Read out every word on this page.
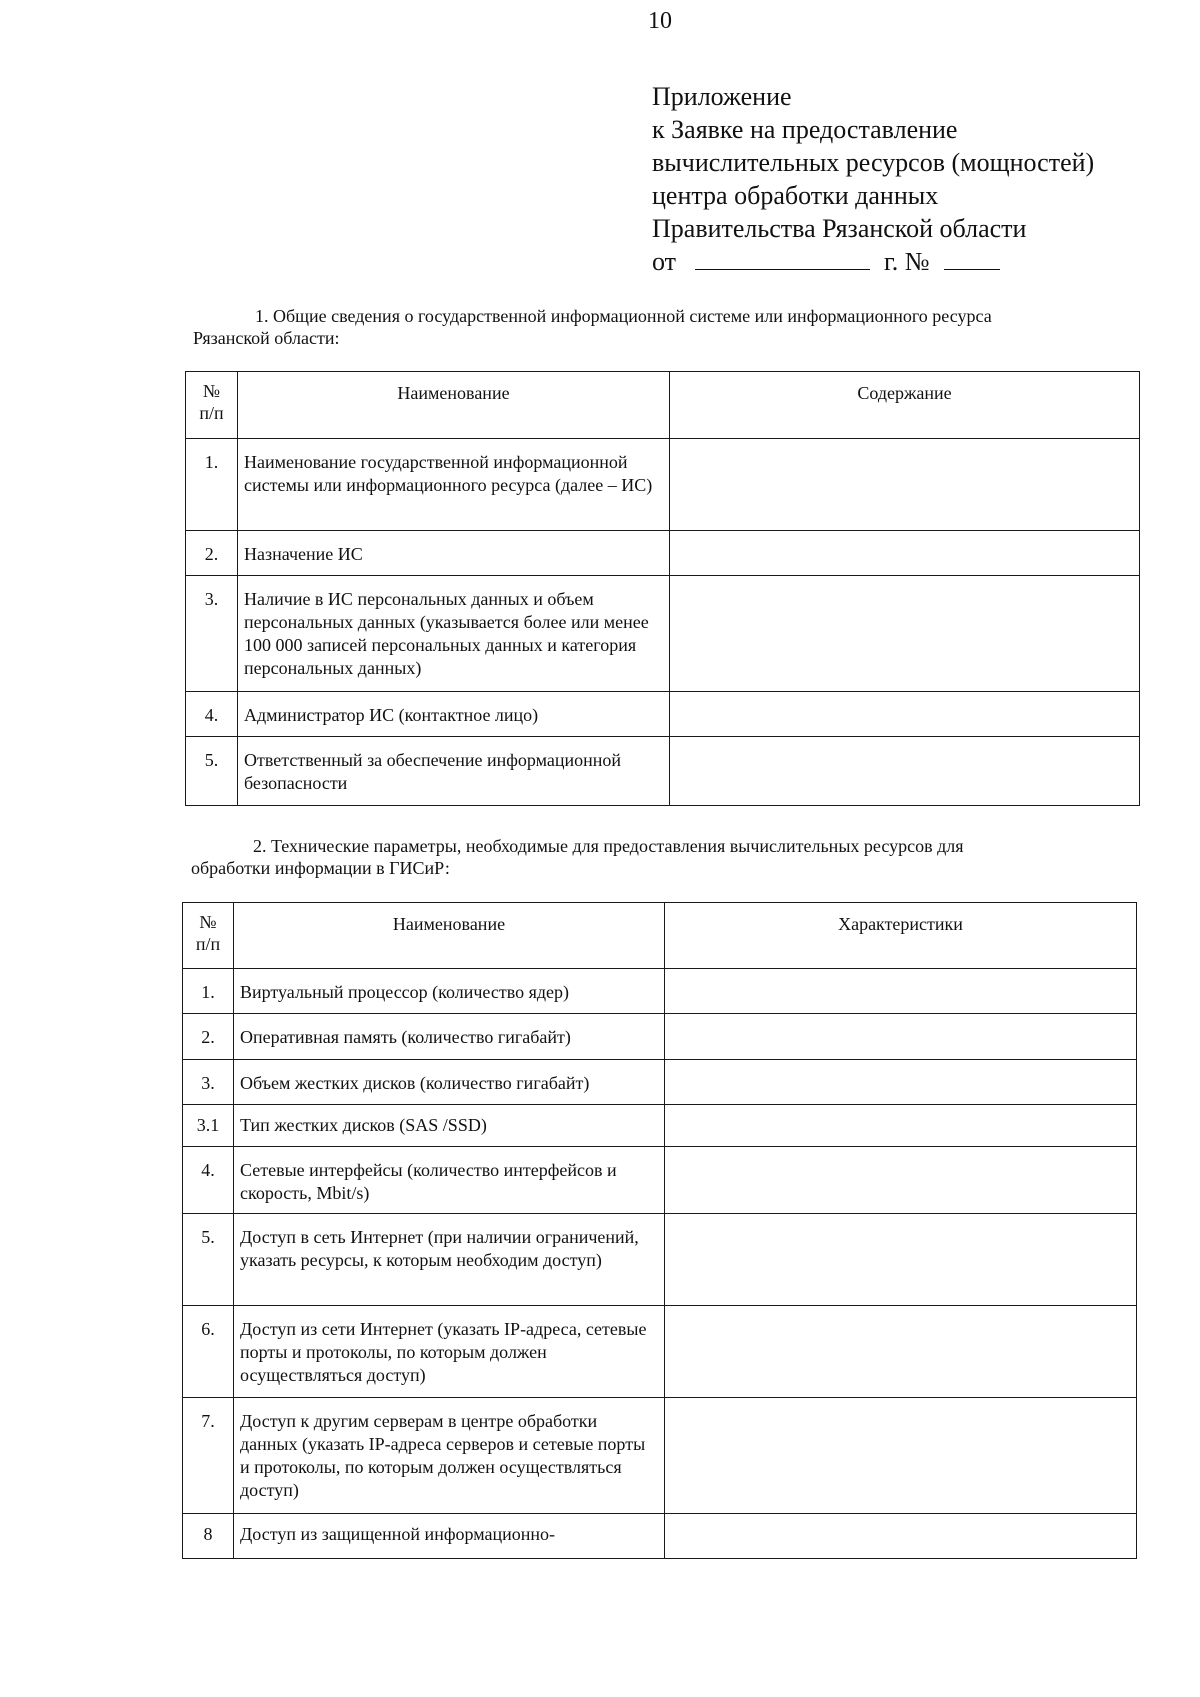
10
Приложение
к Заявке на предоставление
вычислительных ресурсов (мощностей)
центра обработки данных
Правительства Рязанской области
от	г. №
1. Общие сведения о государственной информационной системе или информационного ресурса
Рязанской области:
№
п/п	Наименование	Содержание
1.	Наименование государственной информационной системы или информационного ресурса (далее – ИС)	
2.	Назначение ИС	
3.	Наличие в ИС персональных данных и объем персональных данных (указывается более или менее 100 000 записей персональных данных и категория персональных данных)	
4.	Администратор ИС (контактное лицо)	
5.	Ответственный за обеспечение информационной безопасности	
2. Технические параметры, необходимые для предоставления вычислительных ресурсов для
обработки информации в ГИСиР:
№
п/п	Наименование	Характеристики
1.	Виртуальный процессор (количество ядер)	
2.	Оперативная память (количество гигабайт)	
3.	Объем жестких дисков (количество гигабайт)	
3.1	Тип жестких дисков (SAS /SSD)	
4.	Сетевые интерфейсы (количество интерфейсов и скорость, Mbit/s)	
5.	Доступ в сеть Интернет (при наличии ограничений, указать ресурсы, к которым необходим доступ)	
6.	Доступ из сети Интернет (указать IP-адреса, сетевые порты и протоколы, по которым должен осуществляться доступ)	
7.	Доступ к другим серверам в центре обработки данных (указать IP-адреса серверов и сетевые порты и протоколы, по которым должен осуществляться доступ)	
8	Доступ из защищенной информационно-	
